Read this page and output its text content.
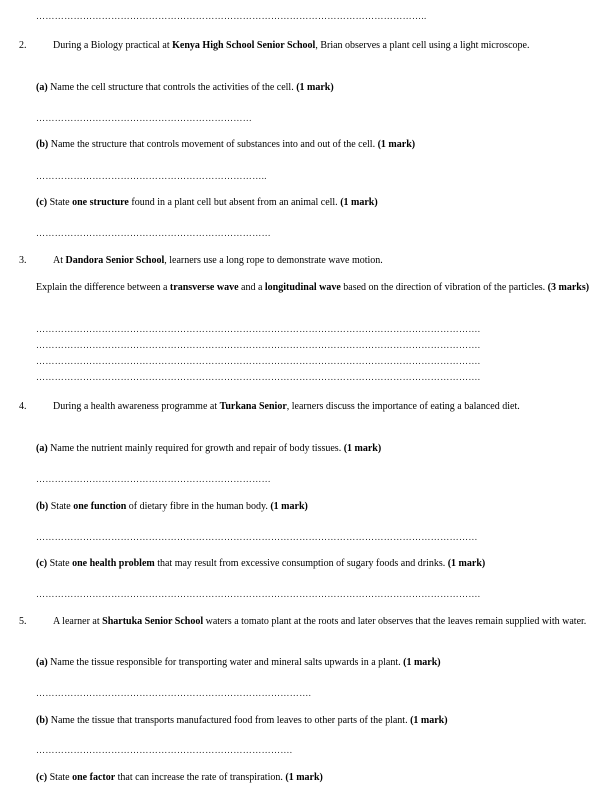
……………………………………………………………………………………………………………..
2.	During a Biology practical at Kenya High School Senior School, Brian observes a plant cell using a light microscope.
(a) Name the cell structure that controls the activities of the cell. (1 mark)
……………………………………………………………
(b) Name the structure that controls movement of substances into and out of the cell. (1 mark)
………………………………………………………………..
(c) State one structure found in a plant cell but absent from an animal cell. (1 mark)
…………………………………………………………………
3.	At Dandora Senior School, learners use a long rope to demonstrate wave motion.
Explain the difference between a transverse wave and a longitudinal wave based on the direction of vibration of the particles. (3 marks)
…………………………………………………………………………………………………………………………….
…………………………………………………………………………………………………………………………….
…………………………………………………………………………………………………………………………….
…………………………………………………………………………………………………………………………….
4.	During a health awareness programme at Turkana Senior, learners discuss the importance of eating a balanced diet.
(a) Name the nutrient mainly required for growth and repair of body tissues. (1 mark)
…………………………………………………………………
(b) State one function of dietary fibre in the human body. (1 mark)
……………………………………………………………………………………………………………………………
(c) State one health problem that may result from excessive consumption of sugary foods and drinks. (1 mark)
…………………………………………………………………………………………………………………………….
5.	A learner at Shartuka Senior School waters a tomato plant at the roots and later observes that the leaves remain supplied with water.
(a) Name the tissue responsible for transporting water and mineral salts upwards in a plant. (1 mark)
…………………………………………………………………………….
(b) Name the tissue that transports manufactured food from leaves to other parts of the plant. (1 mark)
……………………………………………………………………….
(c) State one factor that can increase the rate of transpiration. (1 mark)
